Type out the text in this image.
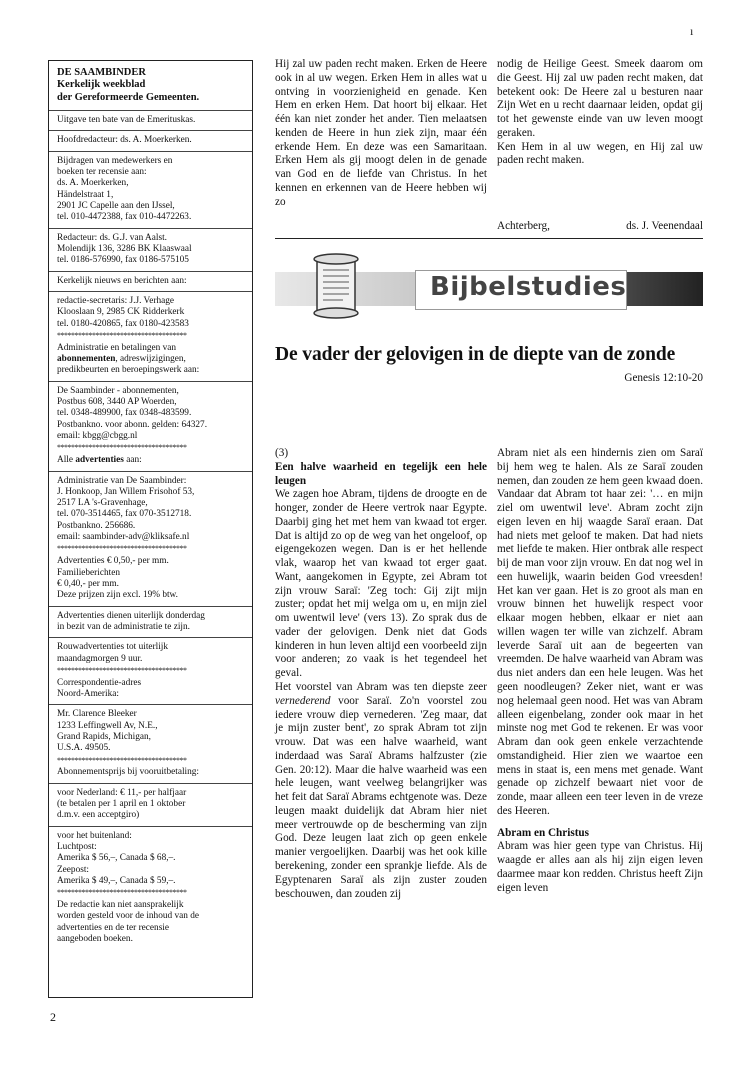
ı
DE SAAMBINDER
Kerkelijk weekblad
der Gereformeerde Gemeenten.
Uitgave ten bate van de Emerituskas.
Hoofdredacteur: ds. A. Moerkerken.
Bijdragen van medewerkers en
boeken ter recensie aan:
ds. A. Moerkerken,
Händelstraat 1,
2901 JC Capelle aan den IJssel,
tel. 010-4472388, fax 010-4472263.
Redacteur: ds. G.J. van Aalst.
Molendijk 136, 3286 BK Klaaswaal
tel. 0186-576990, fax 0186-575105
Kerkelijk nieuws en berichten aan:
redactie-secretaris: J.J. Verhage
Klooslaan 9, 2985 CK Ridderkerk
tel. 0180-420865, fax 0180-423583
*************************************
Administratie en betalingen van
abonnementen, adreswijzigingen,
predikbeurten en beroepingswerk aan:
De Saambinder - abonnementen,
Postbus 608, 3440 AP Woerden,
tel. 0348-489900, fax 0348-483599.
Postbankno. voor abonn. gelden: 64327.
email: kbgg@cbgg.nl
*************************************
Alle advertenties aan:
Administratie van De Saambinder:
J. Honkoop, Jan Willem Frisohof 53,
2517 LA 's-Gravenhage,
tel. 070-3514465, fax 070-3512718.
Postbankno. 256686.
email: saambinder-adv@kliksafe.nl
*************************************
Advertenties € 0,50,- per mm.
Familieberichten
€ 0,40,- per mm.
Deze prijzen zijn excl. 19% btw.
Advertenties dienen uiterlijk donderdag
in bezit van de administratie te zijn.
Rouwadvertenties tot uiterlijk
maandagmorgen 9 uur.
*************************************
Correspondentie-adres
Noord-Amerika:
Mr. Clarence Bleeker
1233 Leffingwell Av, N.E.,
Grand Rapids, Michigan,
U.S.A. 49505.
*************************************
Abonnementsprijs bij vooruitbetaling:
voor Nederland: € 11,- per halfjaar
(te betalen per 1 april en 1 oktober
d.m.v. een acceptgiro)
voor het buitenland:
Luchtpost:
Amerika $ 56,–, Canada $ 68,–.
Zeepost:
Amerika $ 49,–, Canada $ 59,–.
*************************************
De redactie kan niet aansprakelijk
worden gesteld voor de inhoud van de
advertenties en de ter recensie
aangeboden boeken.

Hij zal uw paden recht maken. Erken de Heere ook in al uw wegen. Erken Hem in alles wat u ontving in voorzienigheid en genade. Ken Hem en erken Hem. Dat hoort bij elkaar. Het één kan niet zonder het ander. Tien melaatsen kenden de Heere in hun ziek zijn, maar één erkende Hem. En deze was een Samaritaan. Erken Hem als gij moogt delen in de genade van God en de liefde van Christus. In het kennen en erkennen van de Heere hebben wij zo

nodig de Heilige Geest. Smeek daarom om die Geest. Hij zal uw paden recht maken, dat betekent ook: De Heere zal u besturen naar Zijn Wet en u recht daarnaar leiden, opdat gij tot het gewenste einde van uw leven moogt geraken.

Ken Hem in al uw wegen, en Hij zal uw paden recht maken.

Achterberg,	ds. J. Veenendaal
Bijbelstudies
De vader der gelovigen in de diepte van de zonde
Genesis 12:10-20

(3)

Een halve waarheid en tegelijk een hele leugen

We zagen hoe Abram, tijdens de droogte en de honger, zonder de Heere vertrok naar Egypte. Daarbij ging het met hem van kwaad tot erger. Dat is altijd zo op de weg van het ongeloof, op eigengekozen wegen. Dan is er het hellende vlak, waarop het van kwaad tot erger gaat. Want, aangekomen in Egypte, zei Abram tot zijn vrouw Saraï: 'Zeg toch: Gij zijt mijn zuster; opdat het mij welga om u, en mijn ziel om uwentwil leve' (vers 13). Zo sprak dus de vader der gelovigen. Denk niet dat Gods kinderen in hun leven altijd een voorbeeld zijn voor anderen; zo vaak is het tegendeel het geval.

Het voorstel van Abram was ten diepste zeer vernederend voor Saraï. Zo'n voorstel zou iedere vrouw diep vernederen. 'Zeg maar, dat je mijn zuster bent', zo sprak Abram tot zijn vrouw. Dat was een halve waarheid, want inderdaad was Saraï Abrams halfzuster (zie Gen. 20:12). Maar die halve waarheid was een hele leugen, want veelweg belangrijker was het feit dat Saraï Abrams echtgenote was. Deze leugen maakt duidelijk dat Abram hier niet meer vertrouwde op de bescherming van zijn God. Deze leugen laat zich op geen enkele manier vergoelijken. Daarbij was het ook kille berekening, zonder een sprankje liefde. Als de Egyptenaren Saraï als zijn zuster zouden beschouwen, dan zouden zij

Abram niet als een hindernis zien om Saraï bij hem weg te halen. Als ze Saraï zouden nemen, dan zouden ze hem geen kwaad doen. Vandaar dat Abram tot haar zei: '… en mijn ziel om uwentwil leve'. Abram zocht zijn eigen leven en hij waagde Saraï eraan. Dat had niets met geloof te maken. Dat had niets met liefde te maken. Hier ontbrak alle respect bij de man voor zijn vrouw. En dat nog wel in een huwelijk, waarin beiden God vreesden! Het kan ver gaan. Het is zo groot als man en vrouw binnen het huwelijk respect voor elkaar mogen hebben, elkaar er niet aan willen wagen ter wille van zichzelf. Abram leverde Saraï uit aan de begeerten van vreemden. De halve waarheid van Abram was dus niet anders dan een hele leugen. Was het geen noodleugen? Zeker niet, want er was nog helemaal geen nood. Het was van Abram alleen eigenbelang, zonder ook maar in het minste nog met God te rekenen. Er was voor Abram dan ook geen enkele verzachtende omstandigheid. Hier zien we waartoe een mens in staat is, een mens met genade. Want genade op zichzelf bewaart niet voor de zonde, maar alleen een teer leven in de vreze des Heeren.

Abram en Christus

Abram was hier geen type van Christus. Hij waagde er alles aan als hij zijn eigen leven daarmee maar kon redden. Christus heeft Zijn eigen leven

2
